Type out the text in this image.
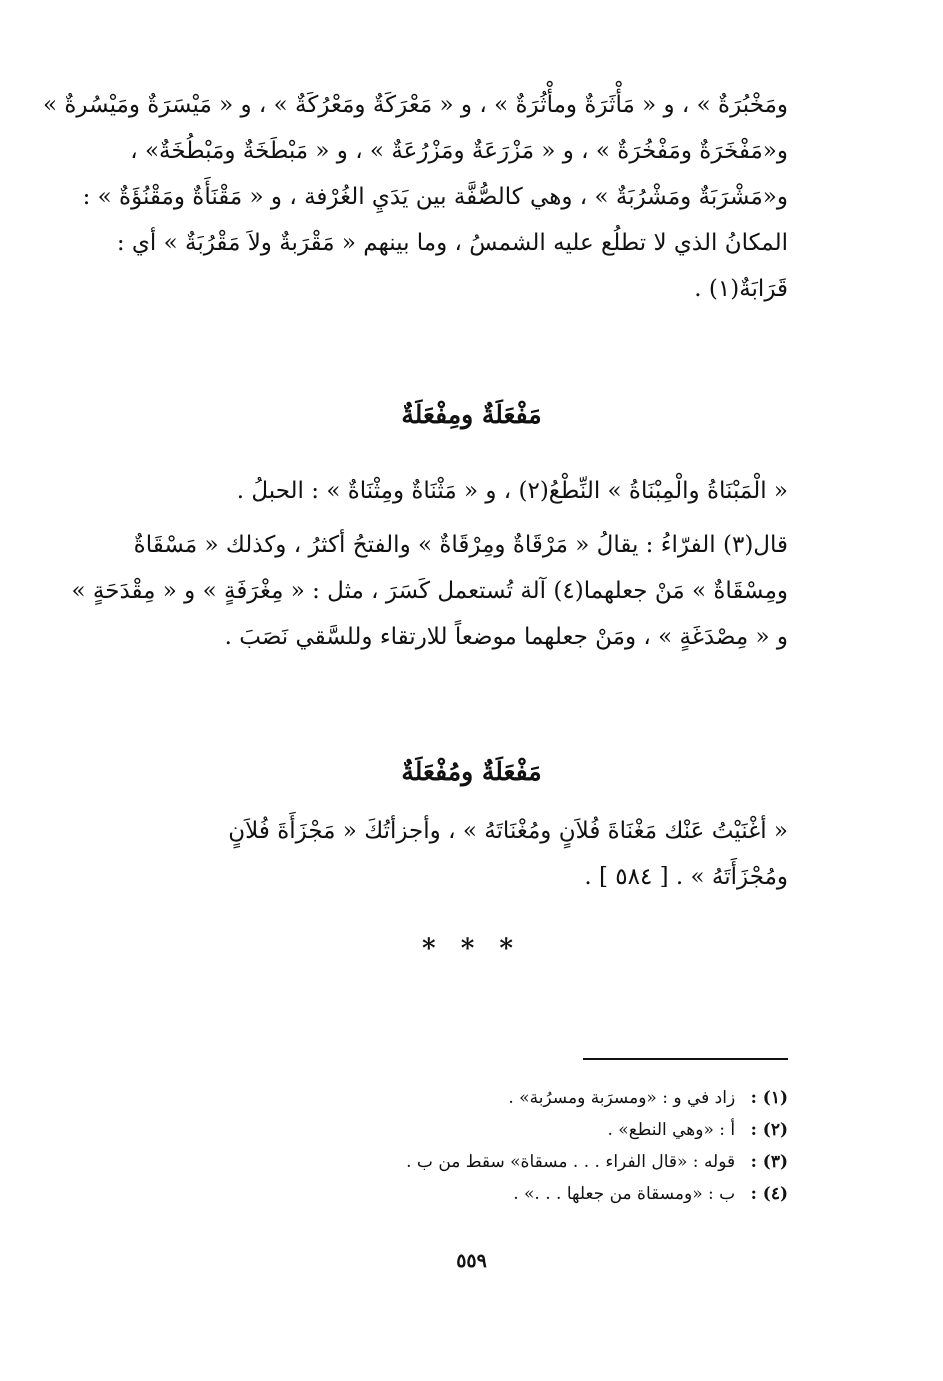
ومَخْبُرَةٌ » ، و « مَأْثَرَةٌ ومأْثُرَةٌ » ، و « مَعْرَكَةٌ ومَعْرُكَةٌ » ، و « مَيْسَرَةٌ ومَيْسُرةٌ »
و«مَفْخَرَةٌ ومَفْخُرَةٌ » ، و « مَزْرَعَةٌ ومَزْرُعَةٌ » ، و « مَبْطَخَةٌ ومَبْطُخَةٌ» ،
و«مَشْرَبَةٌ ومَشْرُبَةٌ » ، وهي كالصُّفَّة بين يَدَيِ الغُرْفة ، و « مَقْنَأَةٌ ومَقْنُؤَةٌ » :
المكانُ الذي لا تطلُع عليه الشمسُ ، وما بينهم « مَقْرَبةٌ ولاَ مَقْرُبَةٌ » أي :
قَرَابَةٌ(١) .
مَفْعَلَةٌ ومِفْعَلَةٌ
« الْمَبْنَاةُ والْمِبْنَاةُ » النِّطْعُ(٢) ، و « مَثْنَاةٌ ومِثْنَاةٌ » : الحبلُ .
قال(٣) الفرّاءُ : يقالُ « مَرْقَاةٌ ومِرْقَاةٌ » والفتحُ أكثرُ ، وكذلك « مَسْقَاةٌ
ومِسْقَاةٌ » مَنْ جعلهما(٤) آلة تُستعمل كَسَرَ ، مثل : « مِغْرَفَةٍ » و « مِقْدَحَةٍ »
و « مِصْدَغَةٍ » ، ومَنْ جعلهما موضعاً للارتقاء وللسَّقي نَصَبَ .
مَفْعَلَةٌ ومُفْعَلَةٌ
« أغْنَيْتُ عَنْك مَغْنَاةَ فُلاَنٍ ومُغْنَاتَهُ » ، وأجزأتُكَ « مَجْزَأَةَ فُلاَنٍ
ومُجْزَأَتَهُ » . [ ٥٨٤ ] .
* * *
(١) : زاد في و : «ومسرَبة ومسرُبة» .
(٢) : أ : «وهي النطع» .
(٣) : قوله : «قال الفراء . . . مسقاة» سقط من ب .
(٤) : ب : «ومسقاة من جعلها . . .» .
٥٥٩
